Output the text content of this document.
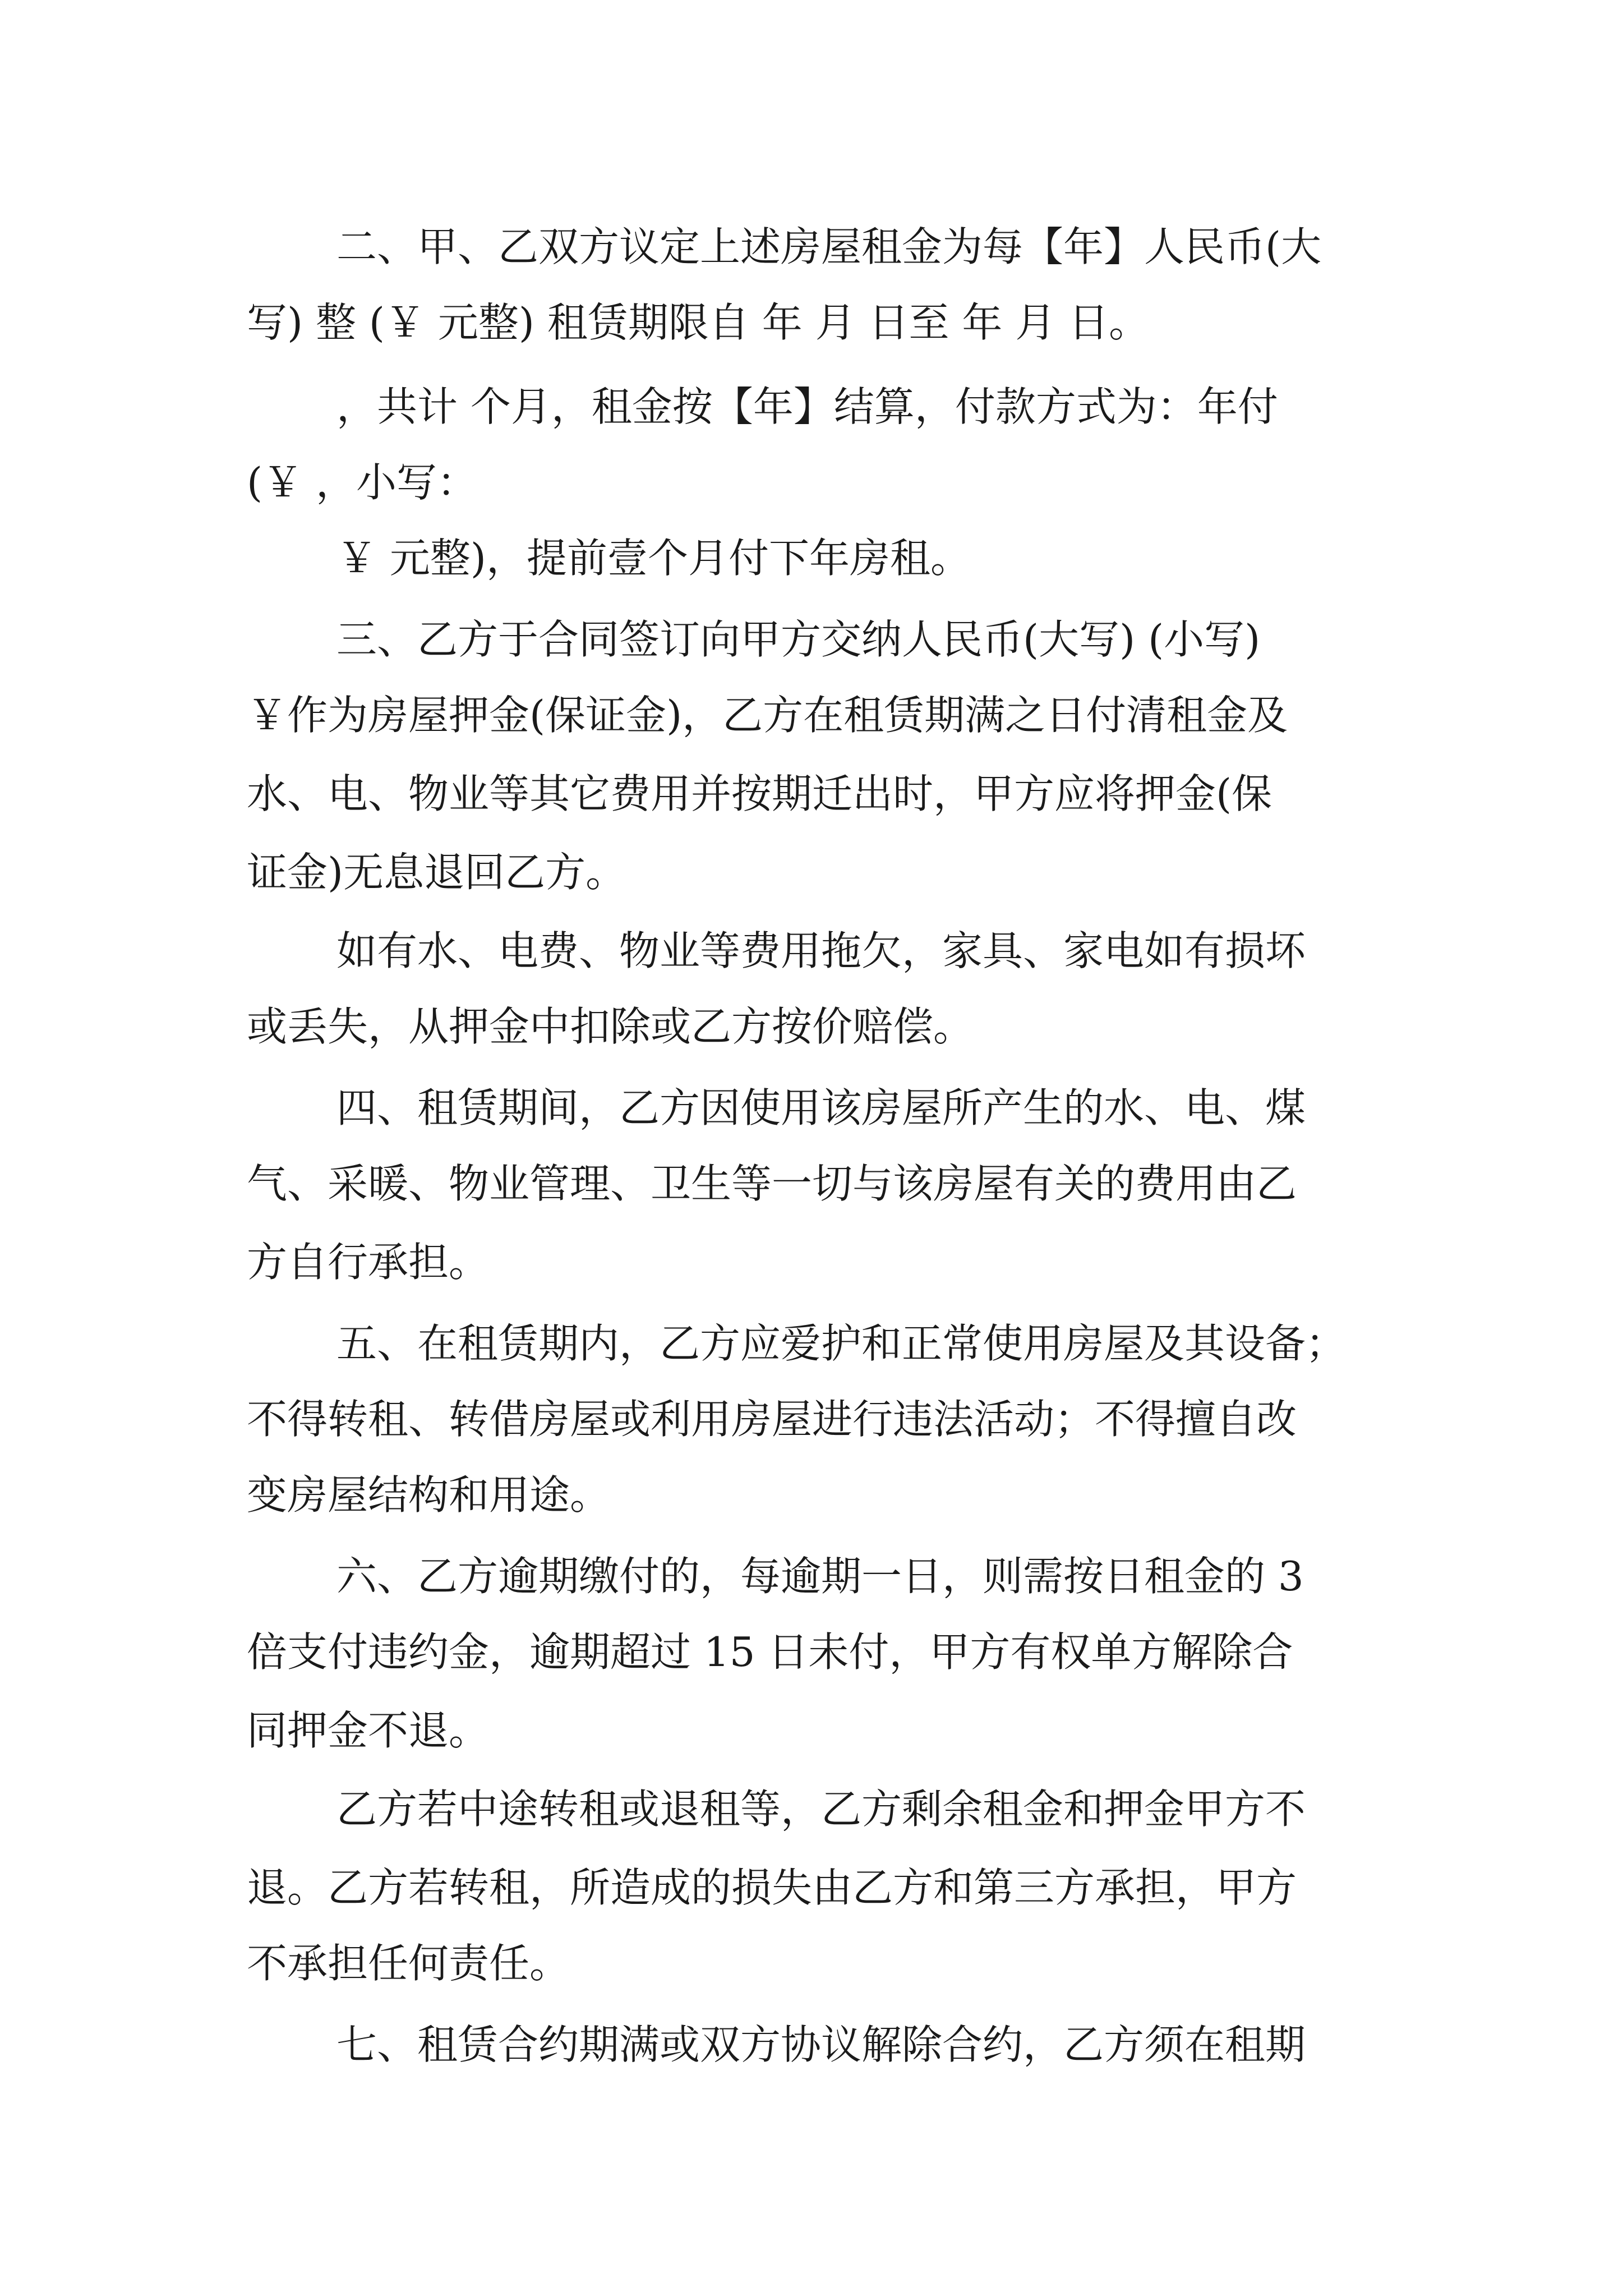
二、甲、乙双方议定上述房屋租金为每【年】人民币(大
写) 整 (￥ 元整) 租赁期限自 年 月 日至 年 月 日。
，共计 个月，租金按【年】结算，付款方式为：年付
(￥ ，小写：
￥ 元整)，提前壹个月付下年房租。
三、乙方于合同签订向甲方交纳人民币(大写) (小写)
￥作为房屋押金(保证金)，乙方在租赁期满之日付清租金及
水、电、物业等其它费用并按期迁出时，甲方应将押金(保
证金)无息退回乙方。
如有水、电费、物业等费用拖欠，家具、家电如有损坏
或丢失，从押金中扣除或乙方按价赔偿。
四、租赁期间，乙方因使用该房屋所产生的水、电、煤
气、采暖、物业管理、卫生等一切与该房屋有关的费用由乙
方自行承担。
五、在租赁期内，乙方应爱护和正常使用房屋及其设备；
不得转租、转借房屋或利用房屋进行违法活动；不得擅自改
变房屋结构和用途。
六、乙方逾期缴付的，每逾期一日，则需按日租金的 3
倍支付违约金，逾期超过 15 日未付，甲方有权单方解除合
同押金不退。
乙方若中途转租或退租等，乙方剩余租金和押金甲方不
退。乙方若转租，所造成的损失由乙方和第三方承担，甲方
不承担任何责任。
七、租赁合约期满或双方协议解除合约，乙方须在租期
